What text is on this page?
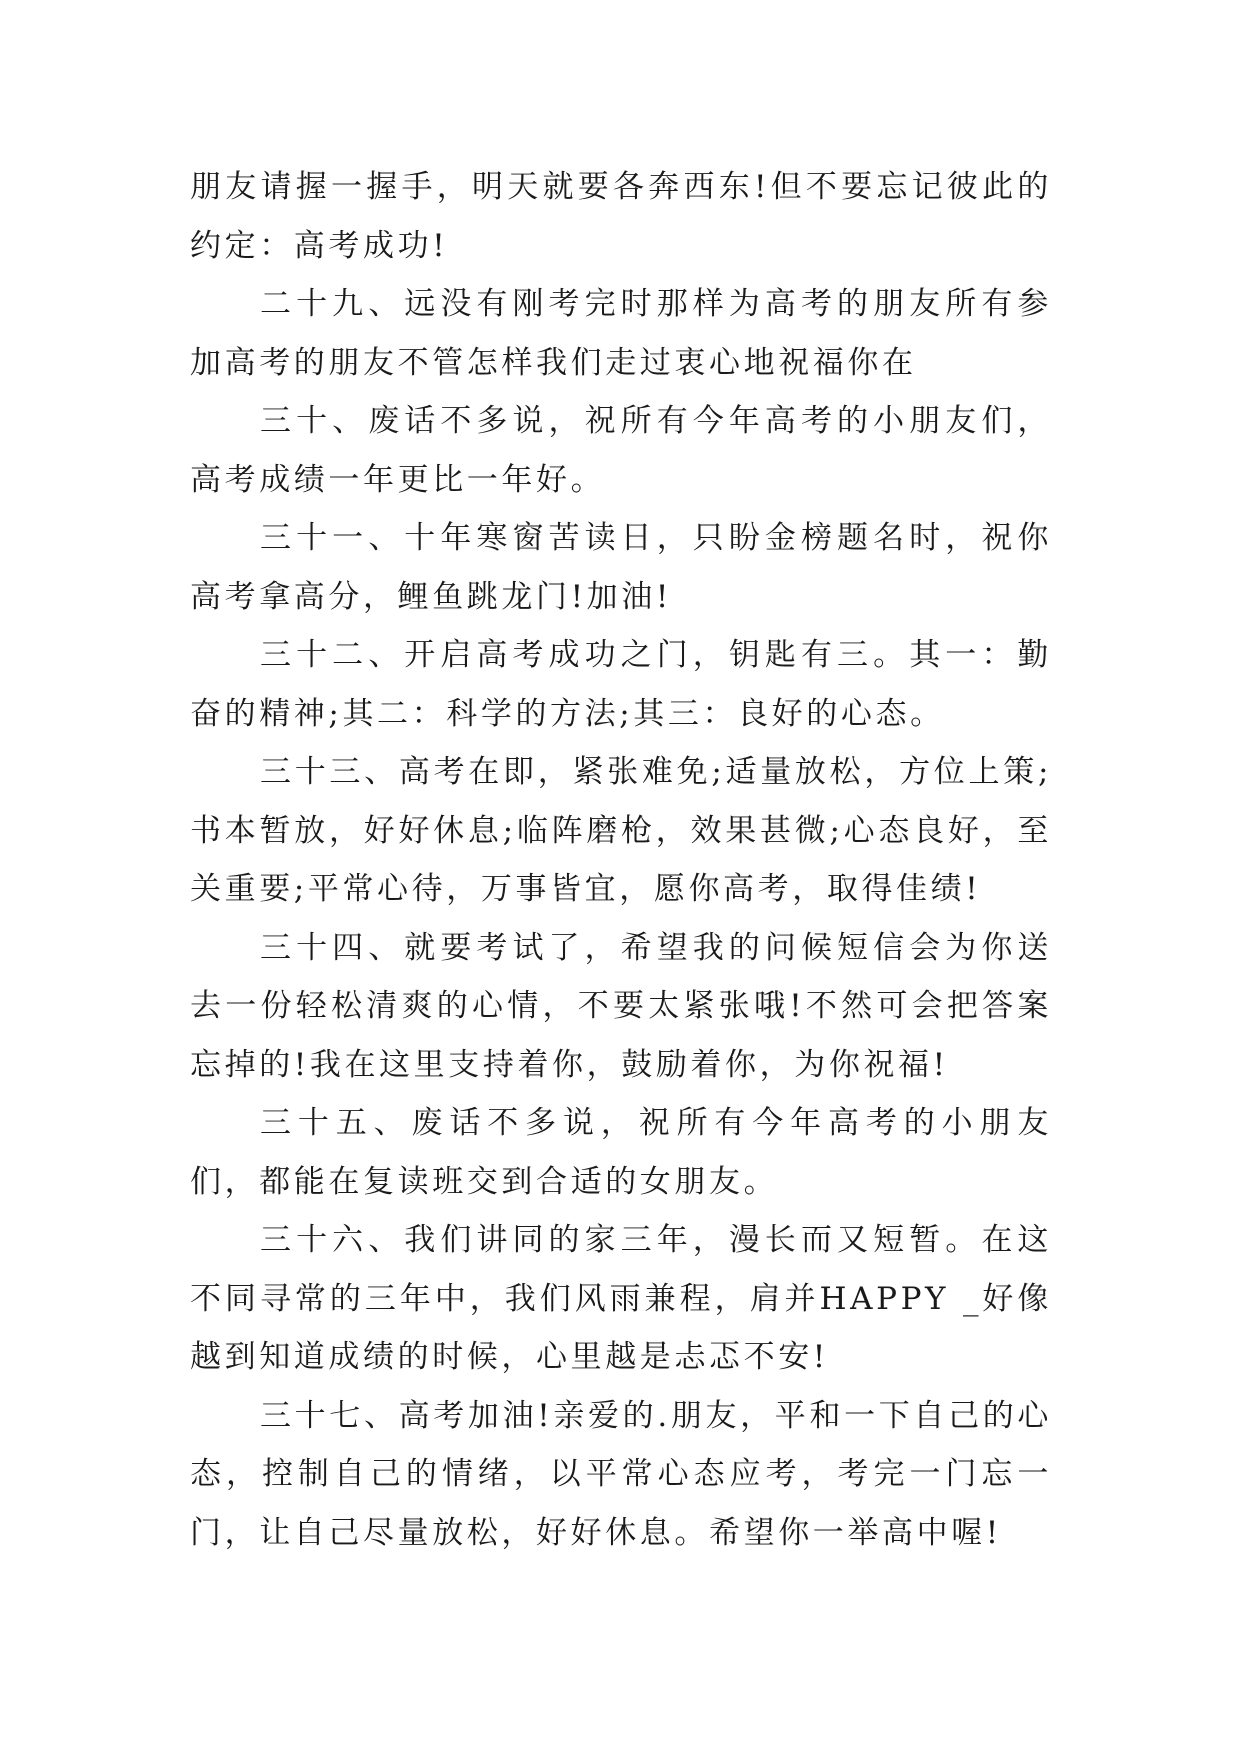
朋友请握一握手，明天就要各奔西东!但不要忘记彼此的约定：高考成功!

二十九、远没有刚考完时那样为高考的朋友所有参加高考的朋友不管怎样我们走过衷心地祝福你在

三十、废话不多说，祝所有今年高考的小朋友们，高考成绩一年更比一年好。

三十一、十年寒窗苦读日，只盼金榜题名时，祝你高考拿高分，鲤鱼跳龙门!加油!

三十二、开启高考成功之门，钥匙有三。其一：勤奋的精神;其二：科学的方法;其三：良好的心态。

三十三、高考在即，紧张难免;适量放松，方位上策;书本暂放，好好休息;临阵磨枪，效果甚微;心态良好，至关重要;平常心待，万事皆宜，愿你高考，取得佳绩!

三十四、就要考试了，希望我的问候短信会为你送去一份轻松清爽的心情，不要太紧张哦!不然可会把答案忘掉的!我在这里支持着你，鼓励着你，为你祝福!

三十五、废话不多说，祝所有今年高考的小朋友们，都能在复读班交到合适的女朋友。

三十六、我们讲同的家三年，漫长而又短暂。在这不同寻常的三年中，我们风雨兼程，肩并HAPPY _好像越到知道成绩的时候，心里越是忐忑不安!

三十七、高考加油!亲爱的.朋友，平和一下自己的心态，控制自己的情绪，以平常心态应考，考完一门忘一门，让自己尽量放松，好好休息。希望你一举高中喔!
